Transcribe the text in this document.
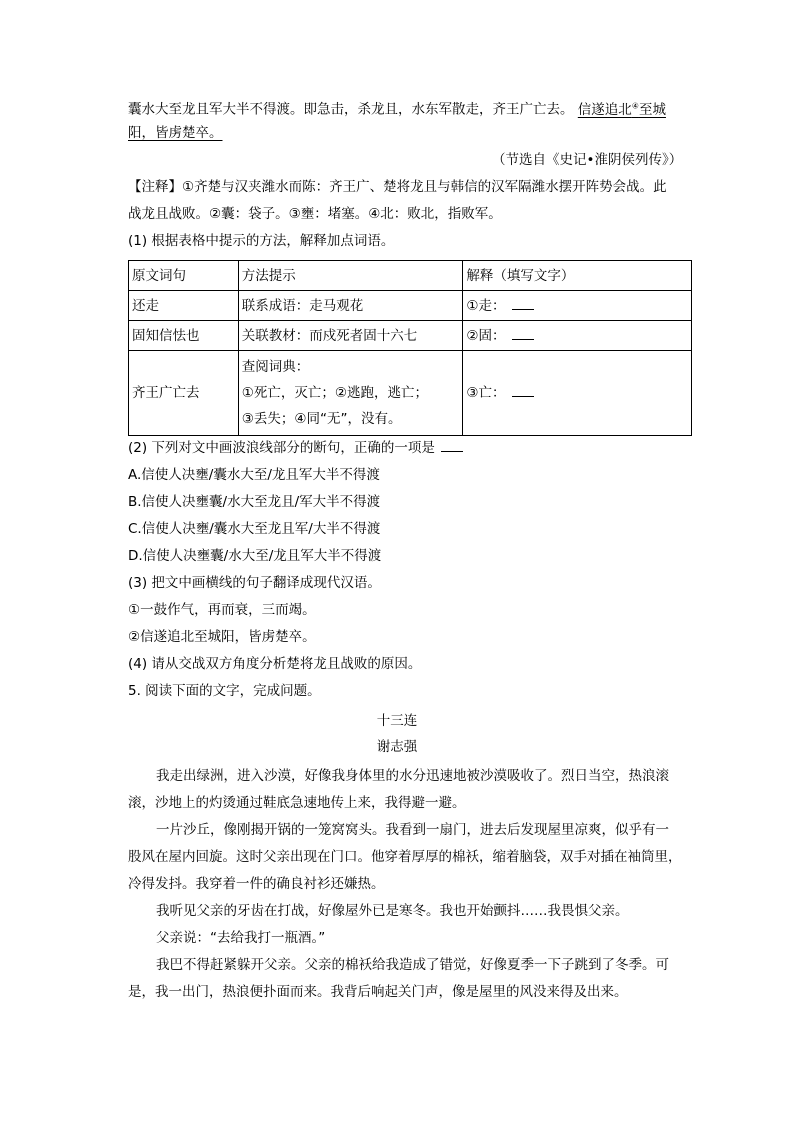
囊水大至龙且军大半不得渡。即急击，杀龙且，水东军散走，齐王广亡去。 信遂追北④至城
阳，皆虏楚卒。
（节选自《史记•淮阴侯列传》）
【注释】①齐楚与汉夹潍水而陈：齐王广、楚将龙且与韩信的汉军隔潍水摆开阵势会战。此
战龙且战败。②囊：袋子。③壅：堵塞。④北：败北，指败军。
(1) 根据表格中提示的方法，解释加点词语。
原文词句	方法提示	解释（填写文字）
还走	联系成语：走马观花	①走：
固知信怯也	关联教材：而戍死者固十六七	②固：
齐王广亡去	查阅词典：
①死亡，灭亡；②逃跑，逃亡；
③丢失；④同“无”，没有。	③亡：
(2) 下列对文中画波浪线部分的断句，正确的一项是
A.信使人决壅/囊水大至/龙且军大半不得渡
B.信使人决壅囊/水大至龙且/军大半不得渡
C.信使人决壅/囊水大至龙且军/大半不得渡
D.信使人决壅囊/水大至/龙且军大半不得渡
(3) 把文中画横线的句子翻译成现代汉语。
①一鼓作气，再而衰，三而竭。
②信遂追北至城阳，皆虏楚卒。
(4) 请从交战双方角度分析楚将龙且战败的原因。
5. 阅读下面的文字，完成问题。
十三连
谢志强
我走出绿洲，进入沙漠，好像我身体里的水分迅速地被沙漠吸收了。烈日当空，热浪滚
滚，沙地上的灼烫通过鞋底急速地传上来，我得避一避。
一片沙丘，像刚揭开锅的一笼窝窝头。我看到一扇门，进去后发现屋里凉爽，似乎有一
股风在屋内回旋。这时父亲出现在门口。他穿着厚厚的棉袄，缩着脑袋，双手对插在袖筒里，
冷得发抖。我穿着一件的确良衬衫还嫌热。
我听见父亲的牙齿在打战，好像屋外已是寒冬。我也开始颤抖……我畏惧父亲。
父亲说：“去给我打一瓶酒。”
我巴不得赶紧躲开父亲。父亲的棉袄给我造成了错觉，好像夏季一下子跳到了冬季。可
是，我一出门，热浪便扑面而来。我背后响起关门声，像是屋里的风没来得及出来。
